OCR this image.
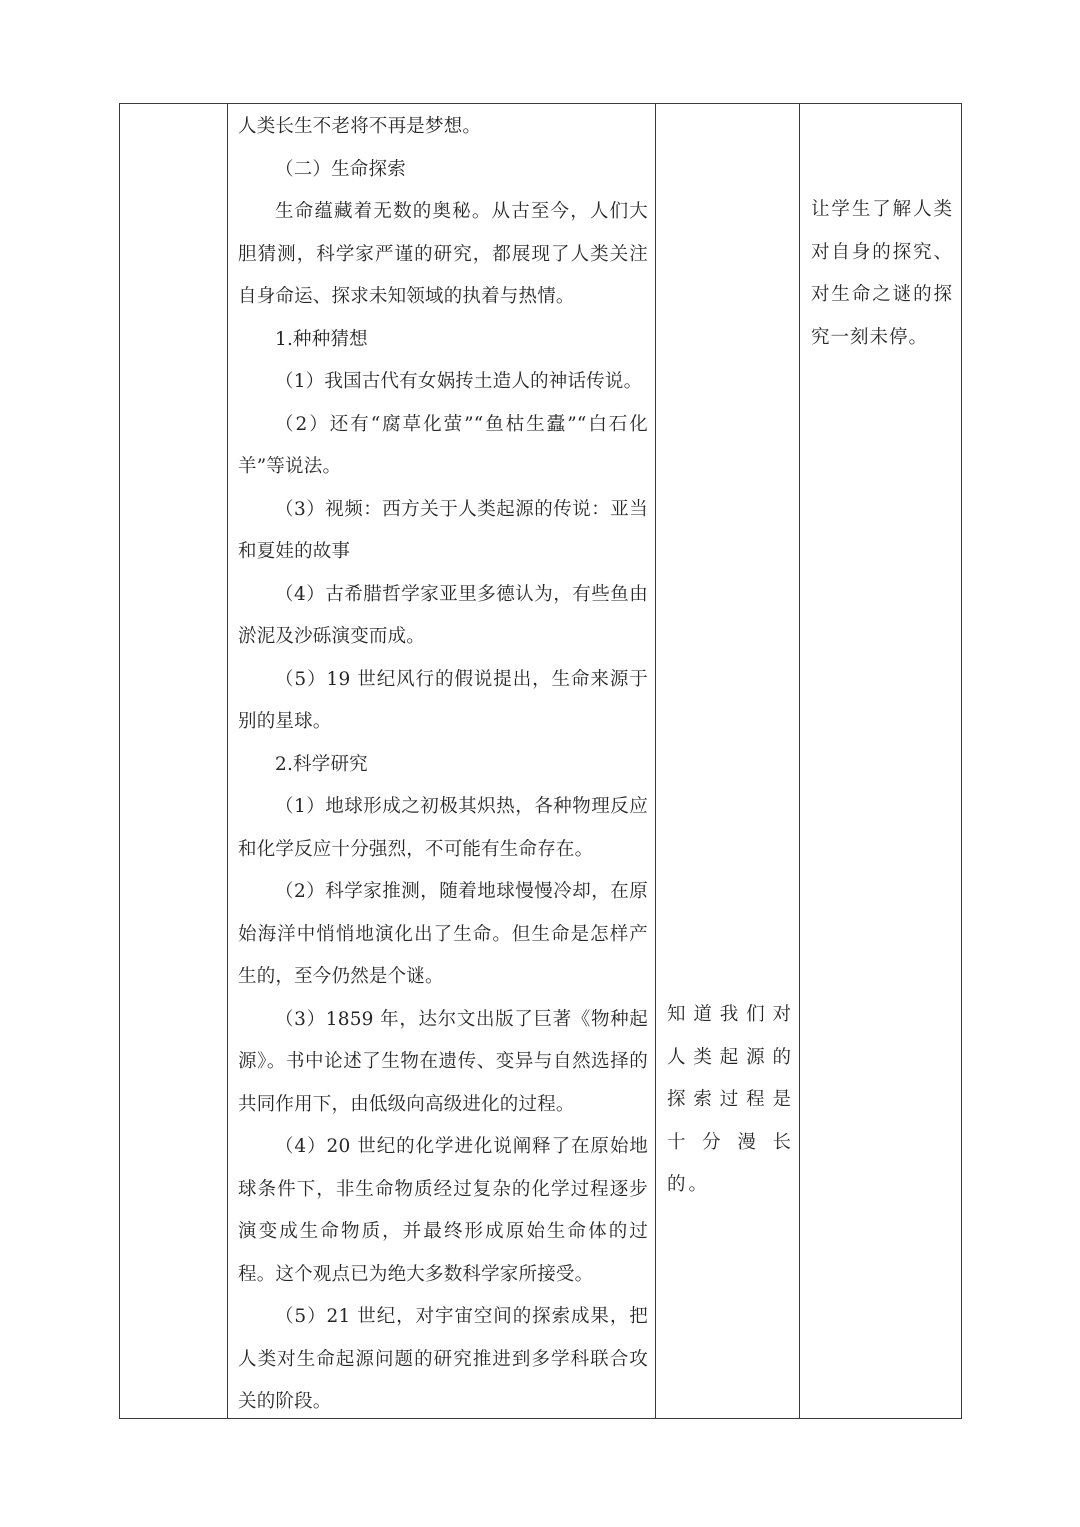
人类长生不老将不再是梦想。

（二）生命探索

生命蕴藏着无数的奥秘。从古至今，人们大胆猜测，科学家严谨的研究，都展现了人类关注自身命运、探求未知领域的执着与热情。

1.种种猜想

（1）我国古代有女娲抟土造人的神话传说。

（2）还有“腐草化萤”“鱼枯生蠹”“白石化羊”等说法。

（3）视频：西方关于人类起源的传说：亚当和夏娃的故事

（4）古希腊哲学家亚里多德认为，有些鱼由淤泥及沙砾演变而成。

（5）19 世纪风行的假说提出，生命来源于别的星球。

2.科学研究

（1）地球形成之初极其炽热，各种物理反应和化学反应十分强烈，不可能有生命存在。

（2）科学家推测，随着地球慢慢冷却，在原始海洋中悄悄地演化出了生命。但生命是怎样产生的，至今仍然是个谜。

（3）1859 年，达尔文出版了巨著《物种起源》。书中论述了生物在遗传、变异与自然选择的共同作用下，由低级向高级进化的过程。

（4）20 世纪的化学进化说阐释了在原始地球条件下，非生命物质经过复杂的化学过程逐步演变成生命物质，并最终形成原始生命体的过程。这个观点已为绝大多数科学家所接受。

（5）21 世纪，对宇宙空间的探索成果，把人类对生命起源问题的研究推进到多学科联合攻关的阶段。

知道我们对人类起源的探索过程是十分漫长的。

让学生了解人类对自身的探究、对生命之谜的探究一刻未停。
